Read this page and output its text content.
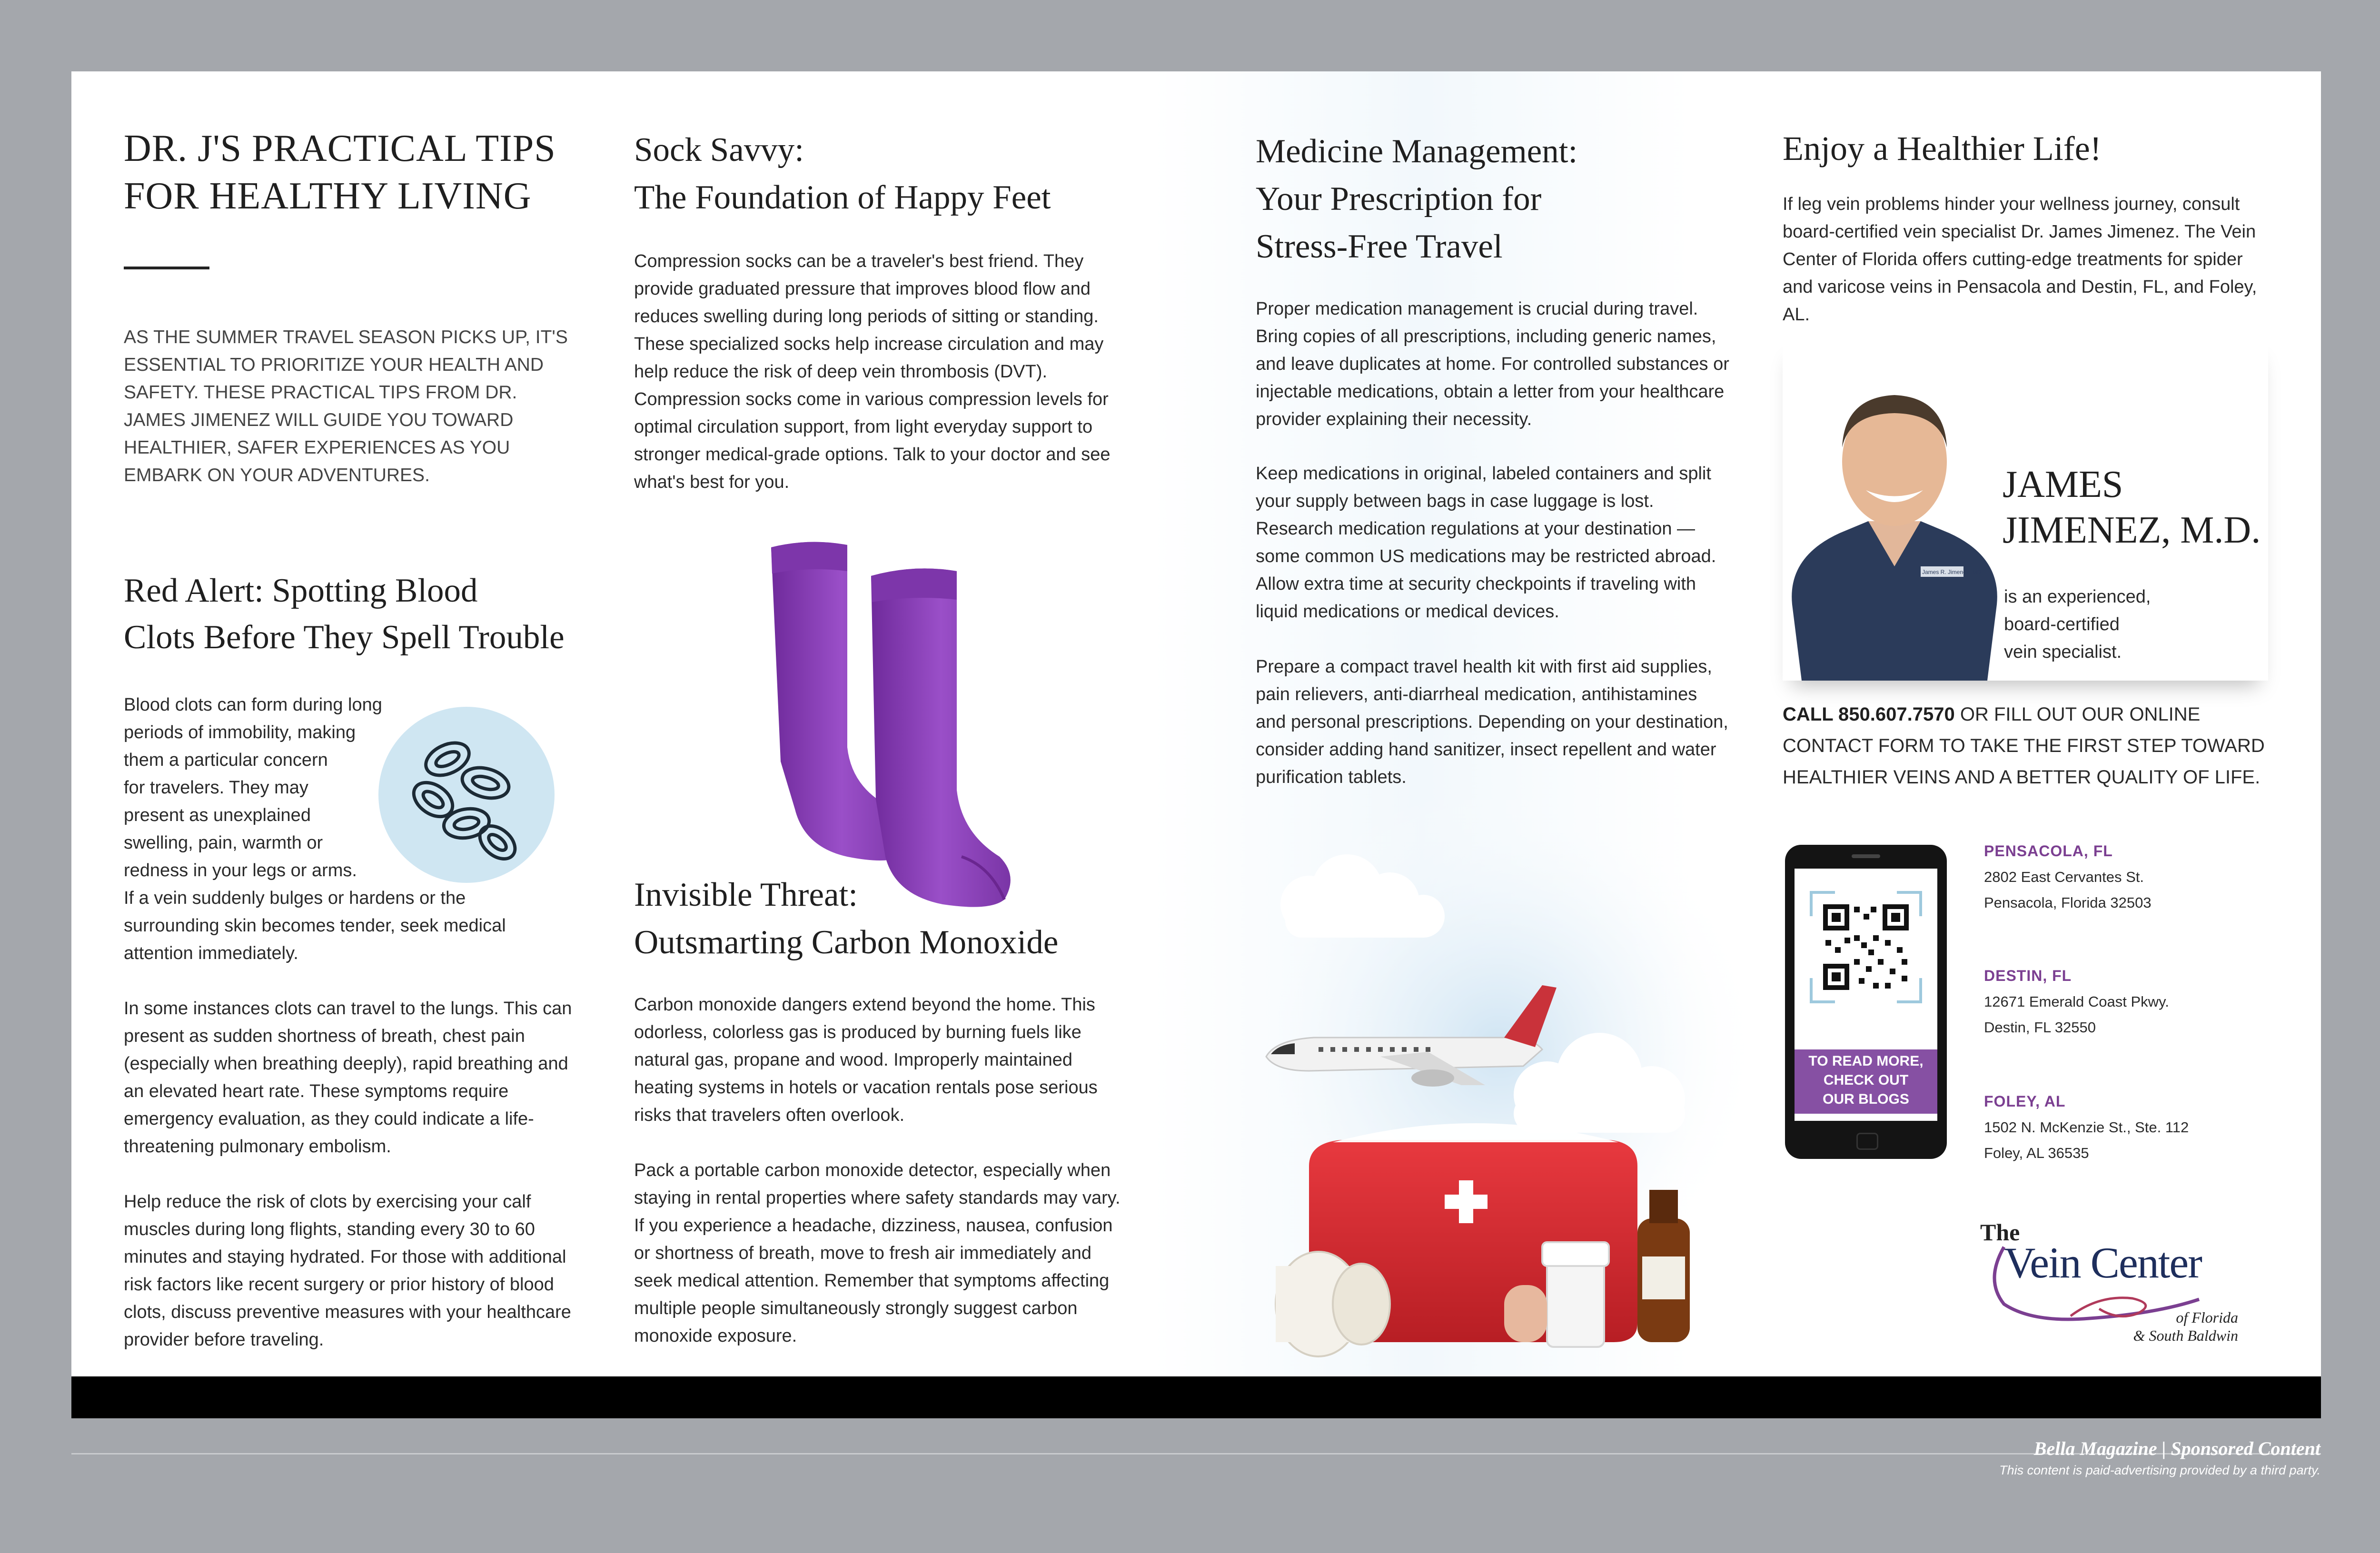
DR. J'S PRACTICAL TIPS
FOR HEALTHY LIVING

AS THE SUMMER TRAVEL SEASON PICKS UP, IT'S ESSENTIAL TO PRIORITIZE YOUR HEALTH AND SAFETY. THESE PRACTICAL TIPS FROM DR. JAMES JIMENEZ WILL GUIDE YOU TOWARD HEALTHIER, SAFER EXPERIENCES AS YOU EMBARK ON YOUR ADVENTURES.

Red Alert: Spotting Blood
Clots Before They Spell Trouble
Blood clots can form during long
periods of immobility, making
them a particular concern
for travelers. They may
present as unexplained
swelling, pain, warmth or
redness in your legs or arms.

If a vein suddenly bulges or hardens or the surrounding skin becomes tender, seek medical attention immediately.

In some instances clots can travel to the lungs. This can present as sudden shortness of breath, chest pain (especially when breathing deeply), rapid breathing and an elevated heart rate. These symptoms require emergency evaluation, as they could indicate a life-threatening pulmonary embolism.

Help reduce the risk of clots by exercising your calf muscles during long flights, standing every 30 to 60 minutes and staying hydrated. For those with additional risk factors like recent surgery or prior history of blood clots, discuss preventive measures with your healthcare provider before traveling.

Sock Savvy:
The Foundation of Happy Feet

Compression socks can be a traveler's best friend. They provide graduated pressure that improves blood flow and reduces swelling during long periods of sitting or standing. These specialized socks help increase circulation and may help reduce the risk of deep vein thrombosis (DVT). Compression socks come in various compression levels for optimal circulation support, from light everyday support to stronger medical-grade options. Talk to your doctor and see what's best for you.

Invisible Threat:
Outsmarting Carbon Monoxide

Carbon monoxide dangers extend beyond the home. This odorless, colorless gas is produced by burning fuels like natural gas, propane and wood. Improperly maintained heating systems in hotels or vacation rentals pose serious risks that travelers often overlook.

Pack a portable carbon monoxide detector, especially when staying in rental properties where safety standards may vary. If you experience a headache, dizziness, nausea, confusion or shortness of breath, move to fresh air immediately and seek medical attention. Remember that symptoms affecting multiple people simultaneously strongly suggest carbon monoxide exposure.

Medicine Management:
Your Prescription for
Stress-Free Travel

Proper medication management is crucial during travel. Bring copies of all prescriptions, including generic names, and leave duplicates at home. For controlled substances or injectable medications, obtain a letter from your healthcare provider explaining their necessity.

Keep medications in original, labeled containers and split your supply between bags in case luggage is lost. Research medication regulations at your destination — some common US medications may be restricted abroad. Allow extra time at security checkpoints if traveling with liquid medications or medical devices.

Prepare a compact travel health kit with first aid supplies, pain relievers, anti-diarrheal medication, antihistamines and personal prescriptions. Depending on your destination, consider adding hand sanitizer, insect repellent and water purification tablets.

Enjoy a Healthier Life!

If leg vein problems hinder your wellness journey, consult board-certified vein specialist Dr. James Jimenez. The Vein Center of Florida offers cutting-edge treatments for spider and varicose veins in Pensacola and Destin, FL, and Foley, AL.

James R. Jimenez, MD
JAMES
JIMENEZ, M.D.
is an experienced,
board-certified
vein specialist.

CALL 850.607.7570 OR FILL OUT OUR ONLINE CONTACT FORM TO TAKE THE FIRST STEP TOWARD HEALTHIER VEINS AND A BETTER QUALITY OF LIFE.

TO READ MORE,
CHECK OUT
OUR BLOGS
PENSACOLA, FL
2802 East Cervantes St.
Pensacola, Florida 32503
DESTIN, FL
12671 Emerald Coast Pkwy.
Destin, FL 32550
FOLEY, AL
1502 N. McKenzie St., Ste. 112
Foley, AL 36535
The
Vein Center
of Florida
& South Baldwin
Bella Magazine | Sponsored Content
This content is paid-advertising provided by a third party.
